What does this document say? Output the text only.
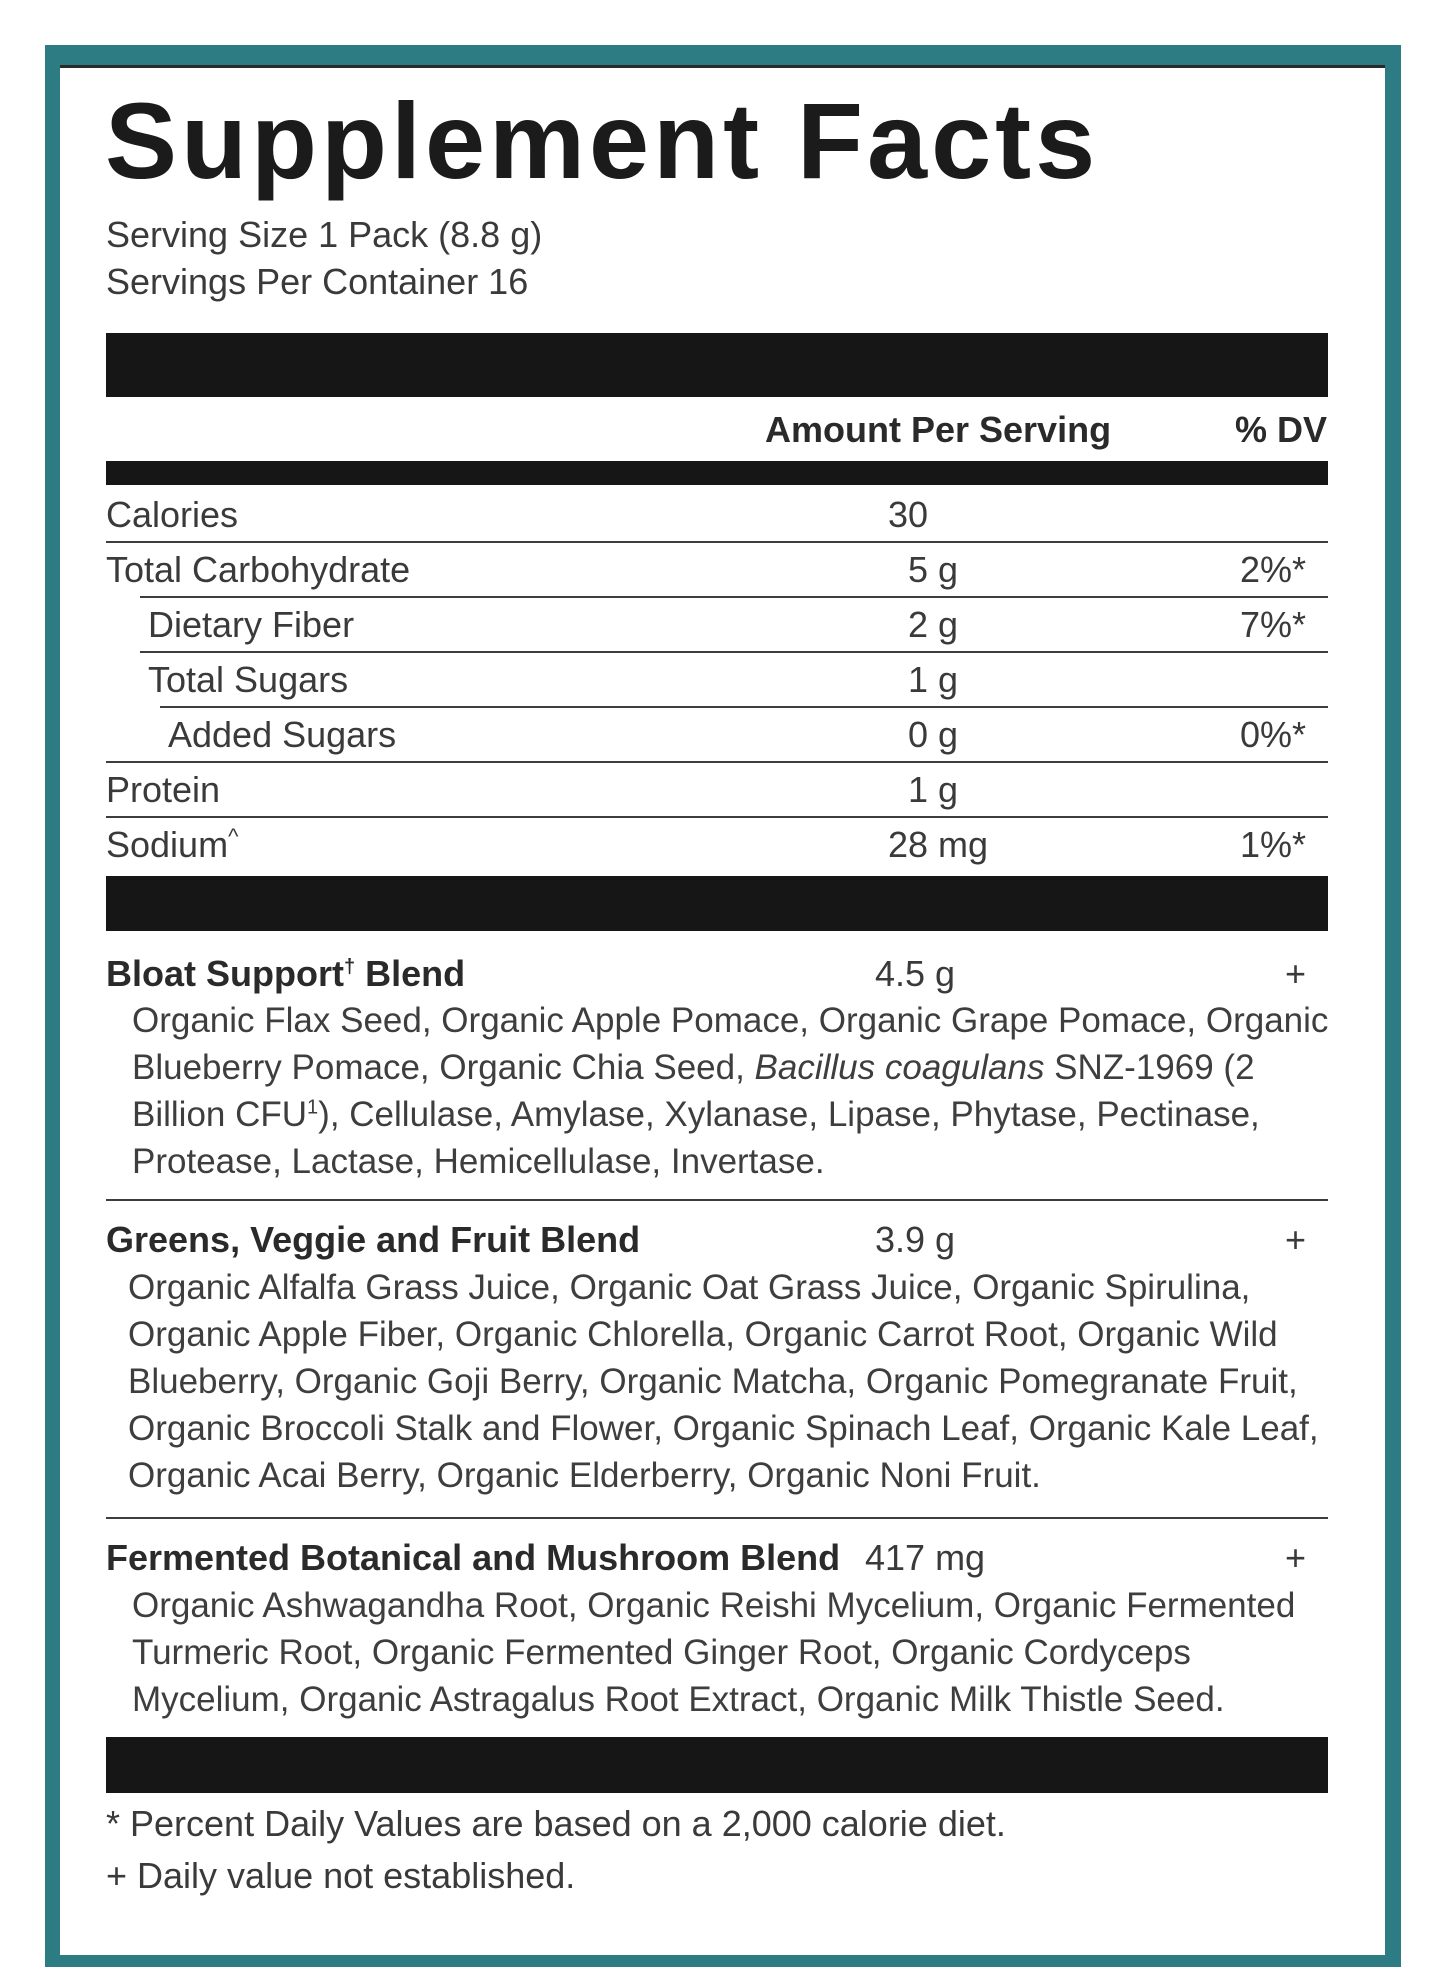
Supplement Facts
Serving Size 1 Pack (8.8 g)
Servings Per Container 16
Amount Per Serving	% DV
Calories	30
Total Carbohydrate	5 g	2%*
Dietary Fiber	2 g	7%*
Total Sugars	1 g
Added Sugars	0 g	0%*
Protein	1 g
Sodium^	28 mg	1%*
Bloat Support† Blend	4.5 g	+
Organic Flax Seed, Organic Apple Pomace, Organic Grape Pomace, Organic Blueberry Pomace, Organic Chia Seed, Bacillus coagulans SNZ-1969 (2 Billion CFU$^1$), Cellulase, Amylase, Xylanase, Lipase, Phytase, Pectinase, Protease, Lactase, Hemicellulase, Invertase.
Greens, Veggie and Fruit Blend	3.9 g	+
Organic Alfalfa Grass Juice, Organic Oat Grass Juice, Organic Spirulina, Organic Apple Fiber, Organic Chlorella, Organic Carrot Root, Organic Wild Blueberry, Organic Goji Berry, Organic Matcha, Organic Pomegranate Fruit, Organic Broccoli Stalk and Flower, Organic Spinach Leaf, Organic Kale Leaf, Organic Acai Berry, Organic Elderberry, Organic Noni Fruit.
Fermented Botanical and Mushroom Blend 417 mg	+
Organic Ashwagandha Root, Organic Reishi Mycelium, Organic Fermented Turmeric Root, Organic Fermented Ginger Root, Organic Cordyceps Mycelium, Organic Astragalus Root Extract, Organic Milk Thistle Seed.
* Percent Daily Values are based on a 2,000 calorie diet.
+ Daily value not established.
